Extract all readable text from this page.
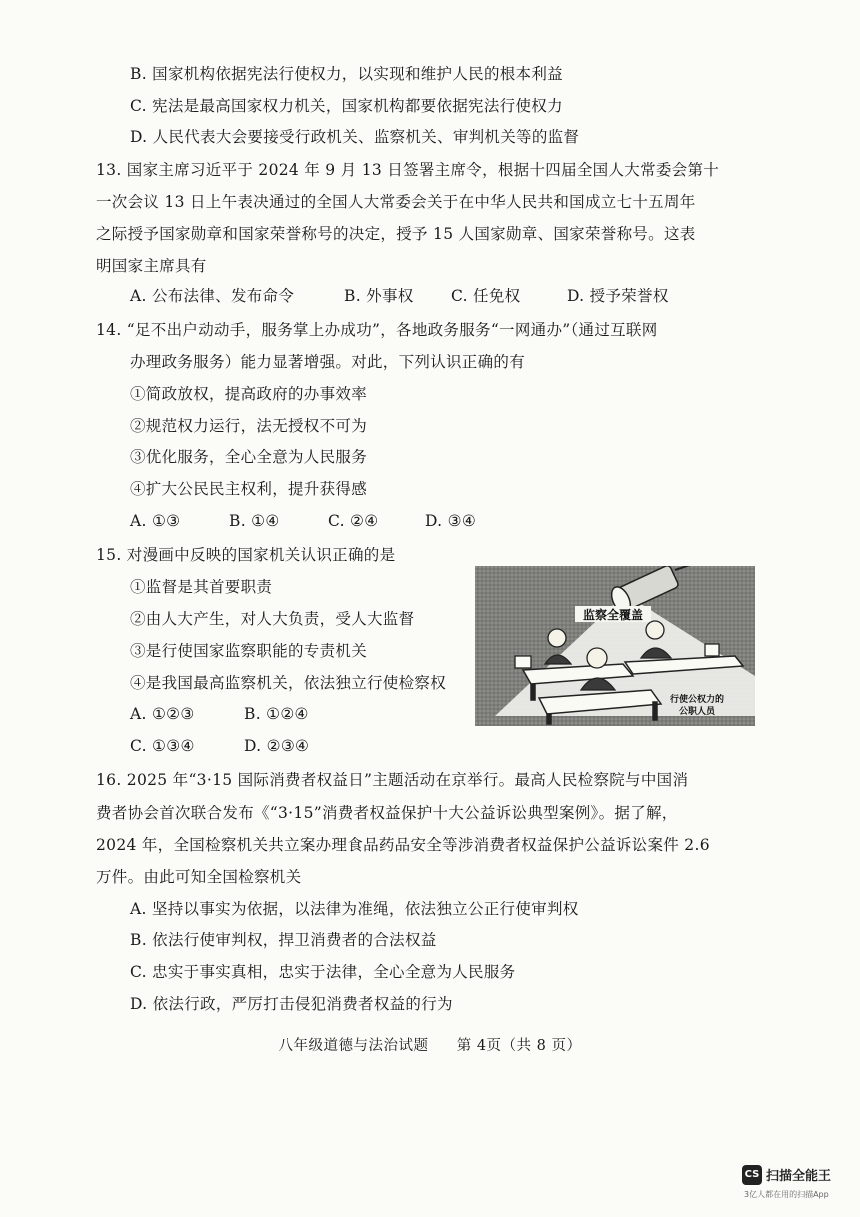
B. 国家机构依据宪法行使权力，以实现和维护人民的根本利益
C. 宪法是最高国家权力机关，国家机构都要依据宪法行使权力
D. 人民代表大会要接受行政机关、监察机关、审判机关等的监督
13. 国家主席习近平于 2024 年 9 月 13 日签署主席令，根据十四届全国人大常委会第十
一次会议 13 日上午表决通过的全国人大常委会关于在中华人民共和国成立七十五周年
之际授予国家勋章和国家荣誉称号的决定，授予 15 人国家勋章、国家荣誉称号。这表
明国家主席具有
A. 公布法律、发布命令	B. 外事权 C. 任免权	D. 授予荣誉权
14. “足不出户动动手，服务掌上办成功”，各地政务服务“一网通办”（通过互联网
办理政务服务）能力显著增强。对此，下列认识正确的有
①简政放权，提高政府的办事效率
②规范权力运行，法无授权不可为
③优化服务，全心全意为人民服务
④扩大公民民主权利，提升获得感
A. ①③	B. ①④	C. ②④	D. ③④
15. 对漫画中反映的国家机关认识正确的是
①监督是其首要职责
②由人大产生，对人大负责，受人大监督
③是行使国家监察职能的专责机关
④是我国最高监察机关，依法独立行使检察权
A. ①②③	B. ①②④
C. ①③④	D. ②③④
监察全覆盖
行使公权力的
公职人员
16. 2025 年“3·15 国际消费者权益日”主题活动在京举行。最高人民检察院与中国消
费者协会首次联合发布《“3·15”消费者权益保护十大公益诉讼典型案例》。据了解，
2024 年，全国检察机关共立案办理食品药品安全等涉消费者权益保护公益诉讼案件 2.6
万件。由此可知全国检察机关
A. 坚持以事实为依据，以法律为准绳，依法独立公正行使审判权
B. 依法行使审判权，捍卫消费者的合法权益
C. 忠实于事实真相，忠实于法律，全心全意为人民服务
D. 依法行政，严厉打击侵犯消费者权益的行为
八年级道德与法治试题 第 4页（共 8 页）
CS 扫描全能王
3亿人都在用的扫描App
